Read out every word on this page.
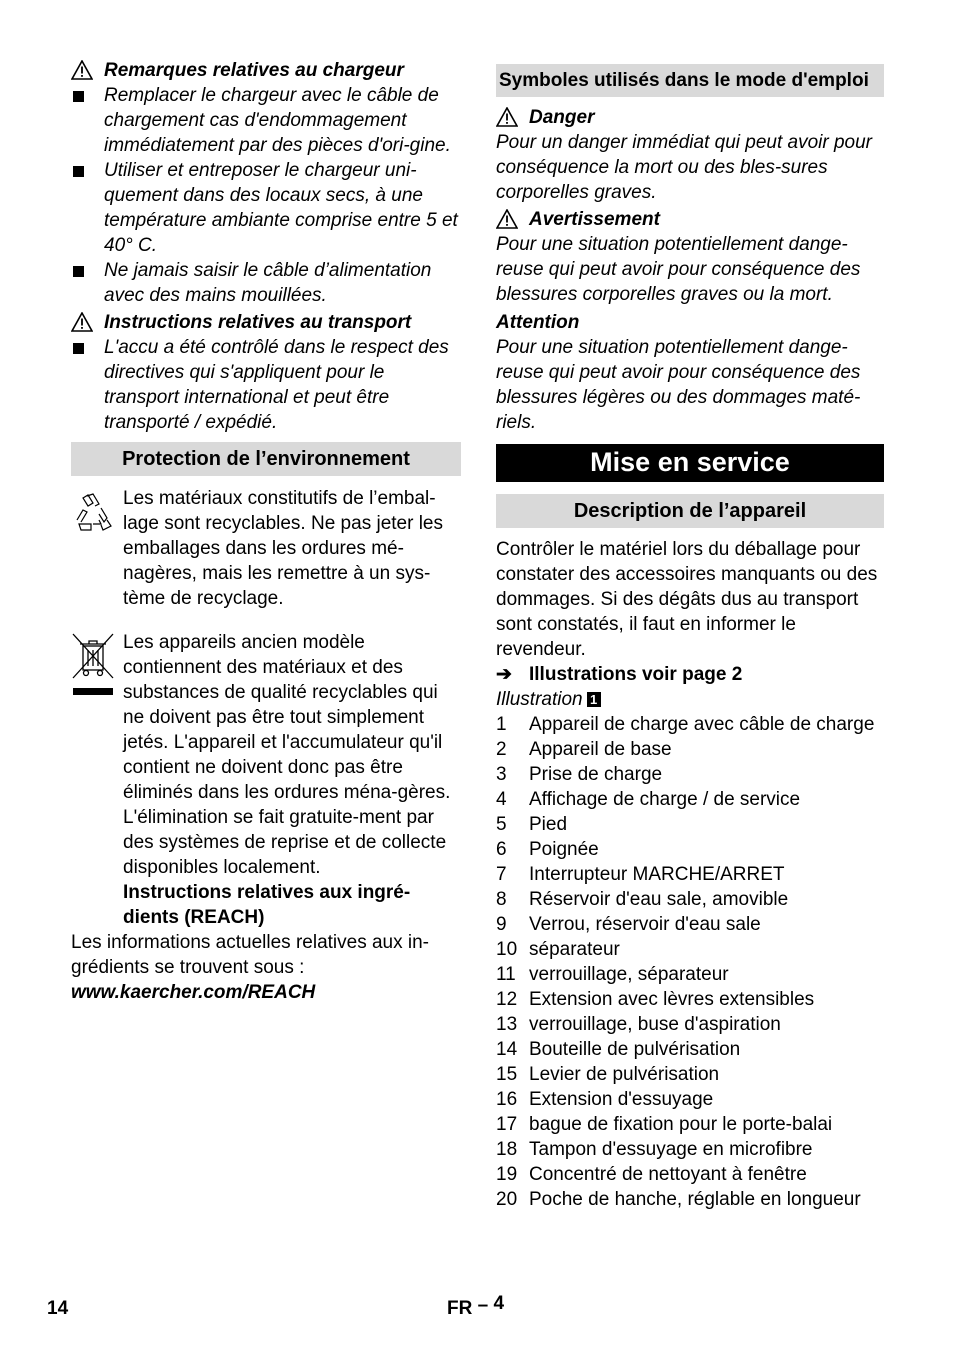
Remarques relatives au chargeur
Remplacer le chargeur avec le câble de chargement cas d'endommagement immédiatement par des pièces d'ori-gine.
Utiliser et entreposer le chargeur uni-quement dans des locaux secs, à une température ambiante comprise entre 5 et 40° C.
Ne jamais saisir le câble d’alimentation avec des mains mouillées.
Instructions relatives au transport
L'accu a été contrôlé dans le respect des directives qui s'appliquent pour le transport international et peut être transporté / expédié.
Protection de l’environnement
Les matériaux constitutifs de l’embal-lage sont recyclables. Ne pas jeter les emballages dans les ordures mé-nagères, mais les remettre à un sys-tème de recyclage.
Les appareils ancien modèle contiennent des matériaux et des substances de qualité recyclables qui ne doivent pas être tout simplement jetés. L'appareil et l'accumulateur qu'il contient ne doivent donc pas être éliminés dans les ordures ména-gères. L'élimination se fait gratuite-ment par des systèmes de reprise et de collecte disponibles localement.
Instructions relatives aux ingré-dients (REACH)
Les informations actuelles relatives aux in-grédients se trouvent sous :
www.kaercher.com/REACH
Symboles utilisés dans le mode d'emploi
Danger
Pour un danger immédiat qui peut avoir pour conséquence la mort ou des bles-sures corporelles graves.
Avertissement
Pour une situation potentiellement dange-reuse qui peut avoir pour conséquence des blessures corporelles graves ou la mort.
Attention
Pour une situation potentiellement dange-reuse qui peut avoir pour conséquence des blessures légères ou des dommages maté-riels.
Mise en service
Description de l’appareil
Contrôler le matériel lors du déballage pour constater des accessoires manquants ou des dommages. Si des dégâts dus au transport sont constatés, il faut en informer le revendeur.
➔ Illustrations voir page 2
Illustration 1
1 Appareil de charge avec câble de charge
2 Appareil de base
3 Prise de charge
4 Affichage de charge / de service
5 Pied
6 Poignée
7 Interrupteur MARCHE/ARRET
8 Réservoir d'eau sale, amovible
9 Verrou, réservoir d'eau sale
10 séparateur
11 verrouillage, séparateur
12 Extension avec lèvres extensibles
13 verrouillage, buse d'aspiration
14 Bouteille de pulvérisation
15 Levier de pulvérisation
16 Extension d'essuyage
17 bague de fixation pour le porte-balai
18 Tampon d'essuyage en microfibre
19 Concentré de nettoyant à fenêtre
20 Poche de hanche, réglable en longueur
14	FR – 4
